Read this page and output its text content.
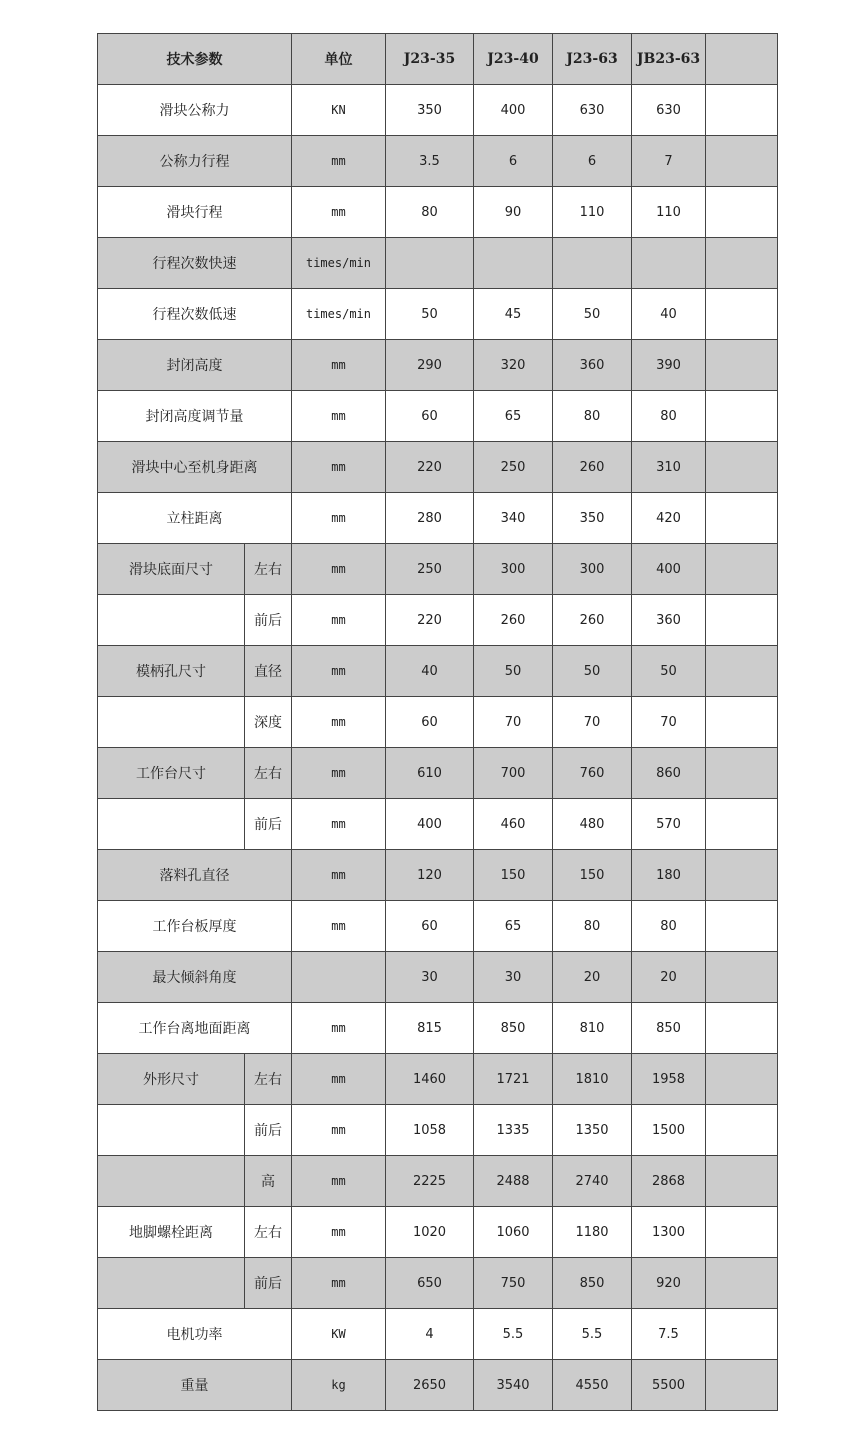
技术参数		单位	J23-35	J23-40	J23-63	JB23-63	
滑块公称力		KN	350	400	630	630	
公称力行程		mm	3.5	6	6	7	
滑块行程		mm	80	90	110	110	
行程次数快速		times/min					
行程次数低速		times/min	50	45	50	40	
封闭高度		mm	290	320	360	390	
封闭高度调节量		mm	60	65	80	80	
滑块中心至机身距离		mm	220	250	260	310	
立柱距离		mm	280	340	350	420	
滑块底面尺寸	左右	mm	250	300	300	400	
	前后	mm	220	260	260	360	
模柄孔尺寸	直径	mm	40	50	50	50	
	深度	mm	60	70	70	70	
工作台尺寸	左右	mm	610	700	760	860	
	前后	mm	400	460	480	570	
落料孔直径		mm	120	150	150	180	
工作台板厚度		mm	60	65	80	80	
最大倾斜角度			30	30	20	20	
工作台离地面距离		mm	815	850	810	850	
外形尺寸	左右	mm	1460	1721	1810	1958	
	前后	mm	1058	1335	1350	1500	
	高	mm	2225	2488	2740	2868	
地脚螺栓距离	左右	mm	1020	1060	1180	1300	
	前后	mm	650	750	850	920	
电机功率		KW	4	5.5	5.5	7.5	
重量		kg	2650	3540	4550	5500	
